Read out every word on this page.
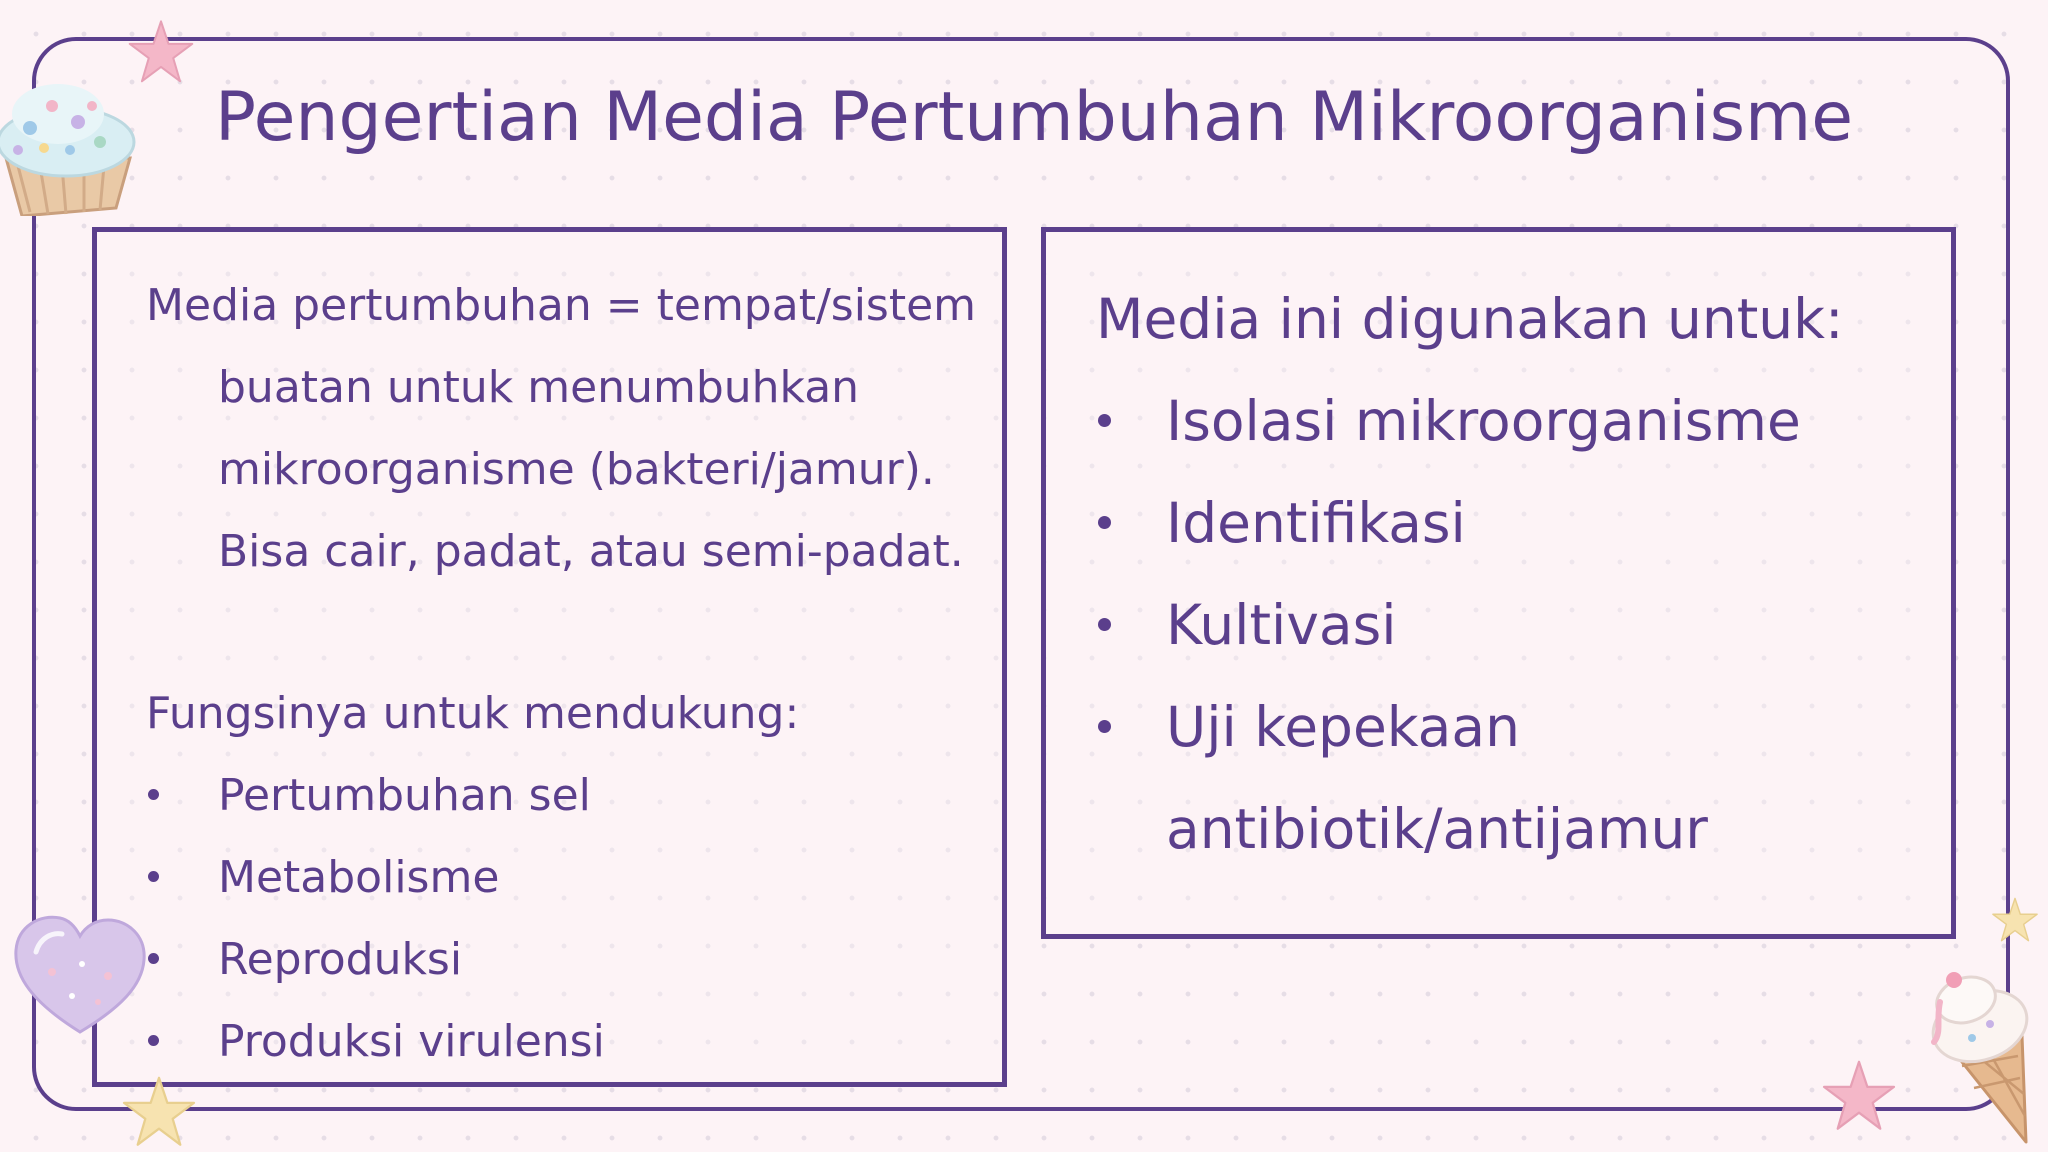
Pengertian Media Pertumbuhan Mikroorganisme
Media pertumbuhan = tempat/sistem
buatan untuk menumbuhkan
mikroorganisme (bakteri/jamur).
Bisa cair, padat, atau semi-padat.
Fungsinya untuk mendukung:
Pertumbuhan sel
Metabolisme
Reproduksi
Produksi virulensi
Media ini digunakan untuk:
Isolasi mikroorganisme
Identifikasi
Kultivasi
Uji kepekaan
antibiotik/antijamur
